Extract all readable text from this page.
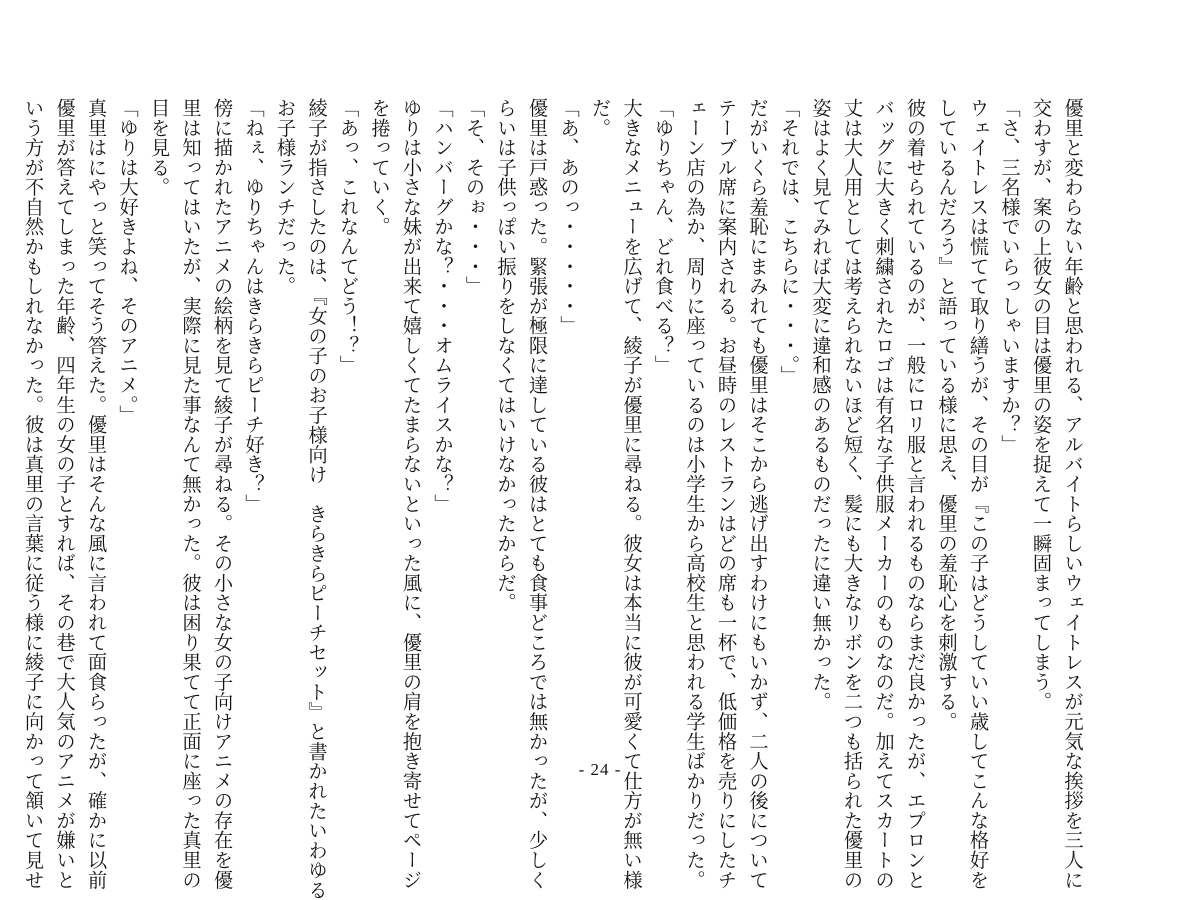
優里と変わらない年齢と思われる、アルバイトらしいウェイトレスが元気な挨拶を三人に
交わすが、案の上彼女の目は優里の姿を捉えて一瞬固まってしまう。
「さ、三名様でいらっしゃいますか？」
ウェイトレスは慌てて取り繕うが、その目が『この子はどうしていい歳してこんな格好を
しているんだろう』と語っている様に思え、優里の羞恥心を刺激する。
彼の着せられているのが、一般にロリ服と言われるものならまだ良かったが、エプロンと
バッグに大きく刺繍されたロゴは有名な子供服メーカーのものなのだ。加えてスカートの
丈は大人用としては考えられないほど短く、髪にも大きなリボンを二つも括られた優里の
姿はよく見てみれば大変に違和感のあるものだったに違い無かった。
「それでは、こちらに・・・。」
だがいくら羞恥にまみれても優里はそこから逃げ出すわけにもいかず、二人の後について
テーブル席に案内される。お昼時のレストランはどの席も一杯で、低価格を売りにしたチ
ェーン店の為か、周りに座っているのは小学生から高校生と思われる学生ばかりだった。
「ゆりちゃん、どれ食べる？」
大きなメニューを広げて、綾子が優里に尋ねる。彼女は本当に彼が可愛くて仕方が無い様
だ。
「あ、あのっ・・・・・」
優里は戸惑った。緊張が極限に達している彼はとても食事どころでは無かったが、少しく
らいは子供っぽい振りをしなくてはいけなかったからだ。
「そ、そのぉ・・・」
「ハンバーグかな？・・・オムライスかな？」
ゆりは小さな妹が出来て嬉しくてたまらないといった風に、優里の肩を抱き寄せてページ
を捲っていく。
「あっ、これなんてどう！？」
綾子が指さしたのは、『女の子のお子様向け　きらきらピーチセット』と書かれたいわゆる
お子様ランチだった。
「ねぇ、ゆりちゃんはきらきらピーチ好き？」
傍に描かれたアニメの絵柄を見て綾子が尋ねる。その小さな女の子向けアニメの存在を優
里は知ってはいたが、実際に見た事なんて無かった。彼は困り果てて正面に座った真里の
目を見る。
「ゆりは大好きよね、そのアニメ。」
真里はにやっと笑ってそう答えた。優里はそんな風に言われて面食らったが、確かに以前
優里が答えてしまった年齢、四年生の女の子とすれば、その巷で大人気のアニメが嫌いと
いう方が不自然かもしれなかった。彼は真里の言葉に従う様に綾子に向かって頷いて見せ	- 24 -
